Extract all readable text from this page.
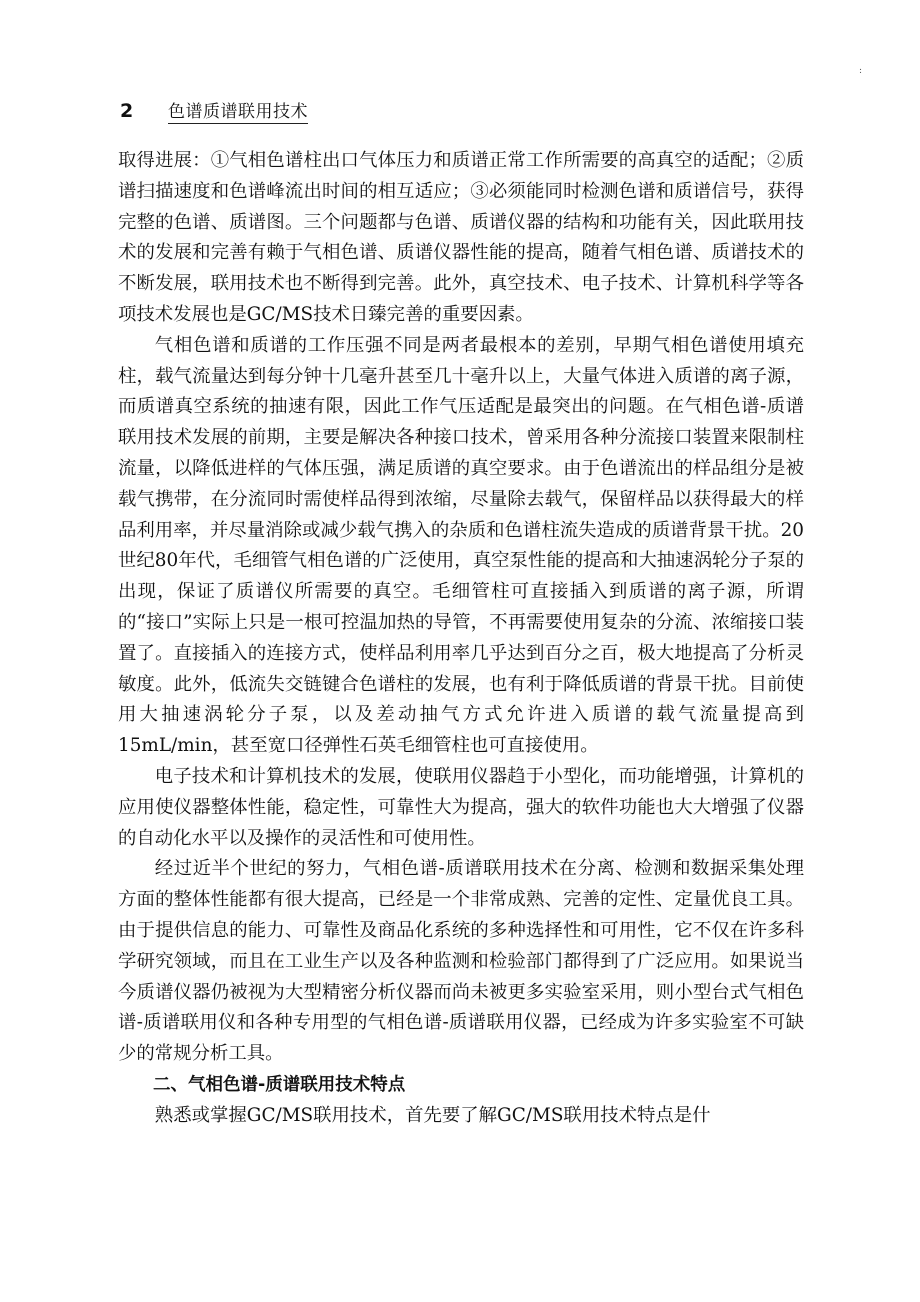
:
2	色谱质谱联用技术

取得进展：①气相色谱柱出口气体压力和质谱正常工作所需要的高真空的适配；②质谱扫描速度和色谱峰流出时间的相互适应；③必须能同时检测色谱和质谱信号，获得完整的色谱、质谱图。三个问题都与色谱、质谱仪器的结构和功能有关，因此联用技术的发展和完善有赖于气相色谱、质谱仪器性能的提高，随着气相色谱、质谱技术的不断发展，联用技术也不断得到完善。此外，真空技术、电子技术、计算机科学等各项技术发展也是GC/MS技术日臻完善的重要因素。

气相色谱和质谱的工作压强不同是两者最根本的差别，早期气相色谱使用填充柱，载气流量达到每分钟十几毫升甚至几十毫升以上，大量气体进入质谱的离子源，而质谱真空系统的抽速有限，因此工作气压适配是最突出的问题。在气相色谱-质谱联用技术发展的前期，主要是解决各种接口技术，曾采用各种分流接口装置来限制柱流量，以降低进样的气体压强，满足质谱的真空要求。由于色谱流出的样品组分是被载气携带，在分流同时需使样品得到浓缩，尽量除去载气，保留样品以获得最大的样品利用率，并尽量消除或减少载气携入的杂质和色谱柱流失造成的质谱背景干扰。20世纪80年代，毛细管气相色谱的广泛使用，真空泵性能的提高和大抽速涡轮分子泵的出现，保证了质谱仪所需要的真空。毛细管柱可直接插入到质谱的离子源，所谓的“接口”实际上只是一根可控温加热的导管，不再需要使用复杂的分流、浓缩接口装置了。直接插入的连接方式，使样品利用率几乎达到百分之百，极大地提高了分析灵敏度。此外，低流失交链键合色谱柱的发展，也有利于降低质谱的背景干扰。目前使用大抽速涡轮分子泵，以及差动抽气方式允许进入质谱的载气流量提高到15mL/min，甚至宽口径弹性石英毛细管柱也可直接使用。

电子技术和计算机技术的发展，使联用仪器趋于小型化，而功能增强，计算机的应用使仪器整体性能，稳定性，可靠性大为提高，强大的软件功能也大大增强了仪器的自动化水平以及操作的灵活性和可使用性。

经过近半个世纪的努力，气相色谱-质谱联用技术在分离、检测和数据采集处理方面的整体性能都有很大提高，已经是一个非常成熟、完善的定性、定量优良工具。由于提供信息的能力、可靠性及商品化系统的多种选择性和可用性，它不仅在许多科学研究领域，而且在工业生产以及各种监测和检验部门都得到了广泛应用。如果说当今质谱仪器仍被视为大型精密分析仪器而尚未被更多实验室采用，则小型台式气相色谱-质谱联用仪和各种专用型的气相色谱-质谱联用仪器，已经成为许多实验室不可缺少的常规分析工具。

二、气相色谱-质谱联用技术特点

熟悉或掌握GC/MS联用技术，首先要了解GC/MS联用技术特点是什
